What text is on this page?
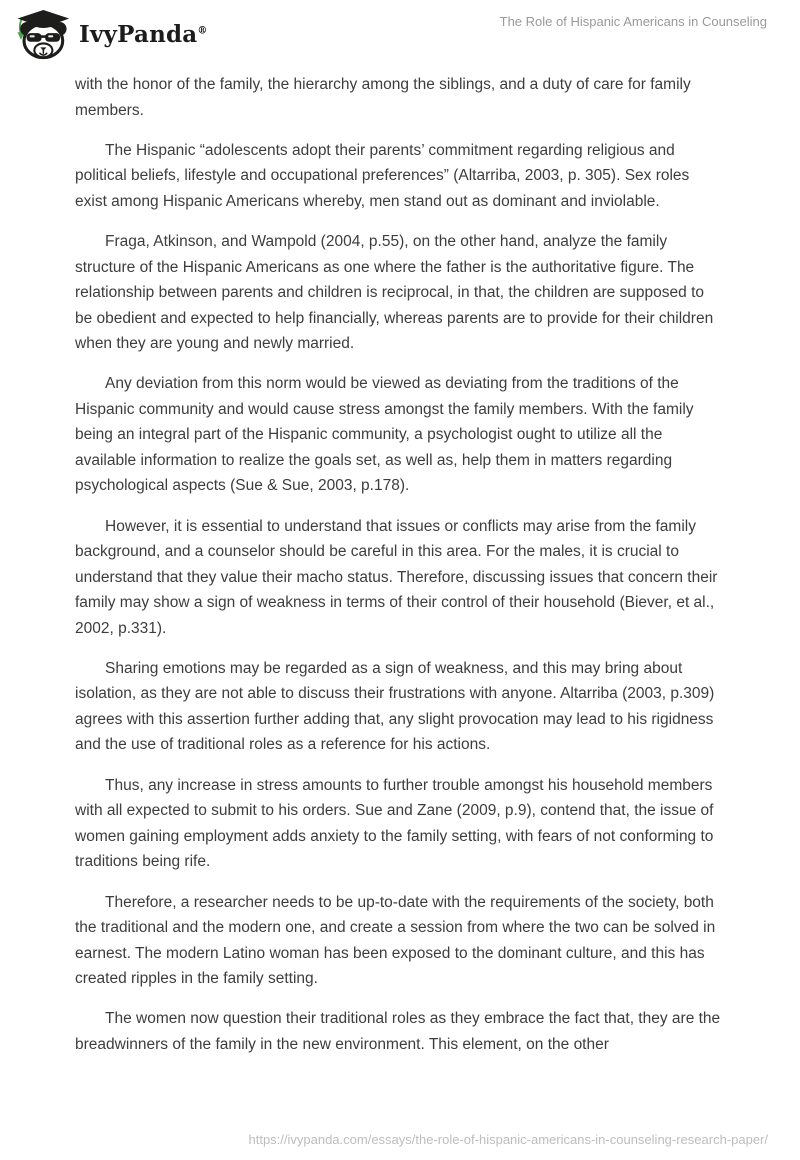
IvyPanda®
The Role of Hispanic Americans in Counseling

with the honor of the family, the hierarchy among the siblings, and a duty of care for family members.

The Hispanic “adolescents adopt their parents’ commitment regarding religious and political beliefs, lifestyle and occupational preferences” (Altarriba, 2003, p. 305). Sex roles exist among Hispanic Americans whereby, men stand out as dominant and inviolable.

Fraga, Atkinson, and Wampold (2004, p.55), on the other hand, analyze the family structure of the Hispanic Americans as one where the father is the authoritative figure. The relationship between parents and children is reciprocal, in that, the children are supposed to be obedient and expected to help financially, whereas parents are to provide for their children when they are young and newly married.

Any deviation from this norm would be viewed as deviating from the traditions of the Hispanic community and would cause stress amongst the family members. With the family being an integral part of the Hispanic community, a psychologist ought to utilize all the available information to realize the goals set, as well as, help them in matters regarding psychological aspects (Sue & Sue, 2003, p.178).

However, it is essential to understand that issues or conflicts may arise from the family background, and a counselor should be careful in this area. For the males, it is crucial to understand that they value their macho status. Therefore, discussing issues that concern their family may show a sign of weakness in terms of their control of their household (Biever, et al., 2002, p.331).

Sharing emotions may be regarded as a sign of weakness, and this may bring about isolation, as they are not able to discuss their frustrations with anyone. Altarriba (2003, p.309) agrees with this assertion further adding that, any slight provocation may lead to his rigidness and the use of traditional roles as a reference for his actions.

Thus, any increase in stress amounts to further trouble amongst his household members with all expected to submit to his orders. Sue and Zane (2009, p.9), contend that, the issue of women gaining employment adds anxiety to the family setting, with fears of not conforming to traditions being rife.

Therefore, a researcher needs to be up-to-date with the requirements of the society, both the traditional and the modern one, and create a session from where the two can be solved in earnest. The modern Latino woman has been exposed to the dominant culture, and this has created ripples in the family setting.

The women now question their traditional roles as they embrace the fact that, they are the breadwinners of the family in the new environment. This element, on the other

https://ivypanda.com/essays/the-role-of-hispanic-americans-in-counseling-research-paper/
